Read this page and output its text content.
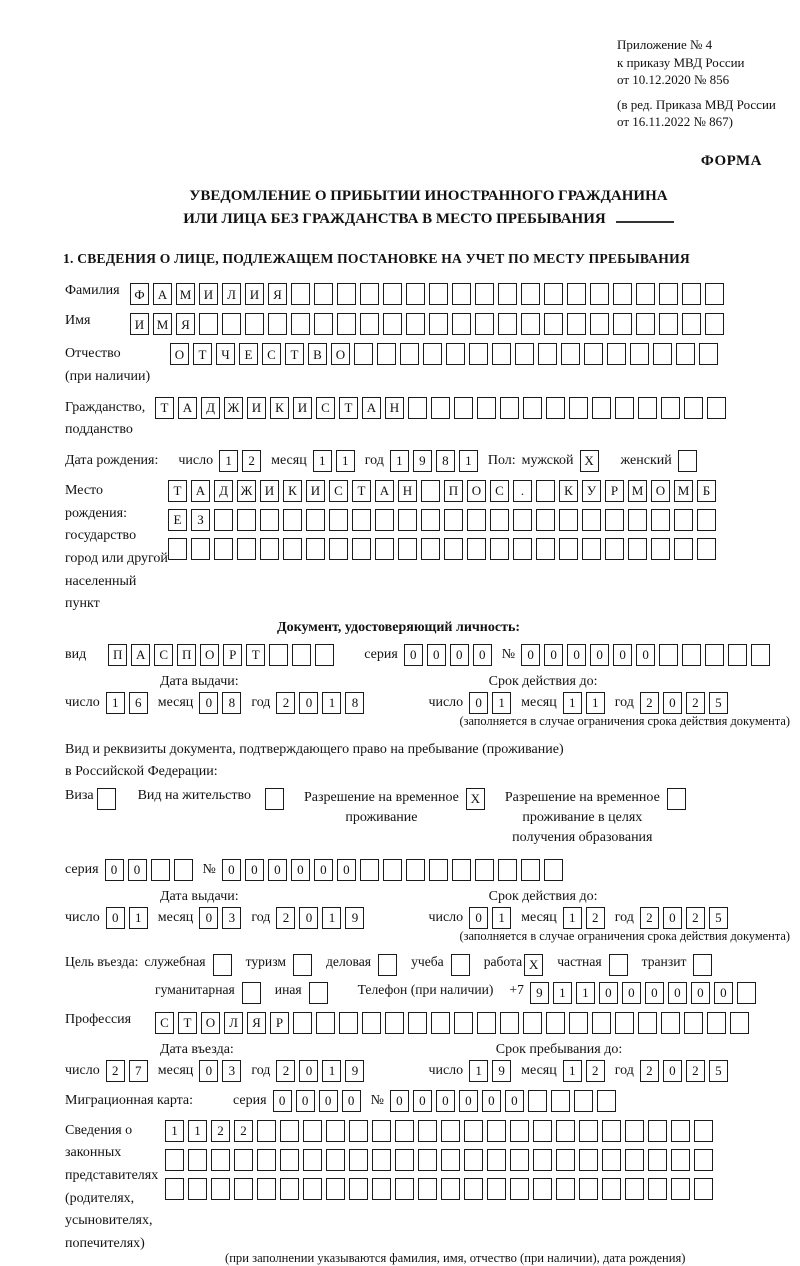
Приложение № 4
к приказу МВД России
от 10.12.2020 № 856
(в ред. Приказа МВД России
от 16.11.2022 № 867)
ФОРМА
УВЕДОМЛЕНИЕ О ПРИБЫТИИ ИНОСТРАННОГО ГРАЖДАНИНА
ИЛИ ЛИЦА БЕЗ ГРАЖДАНСТВА В МЕСТО ПРЕБЫВАНИЯ
1. СВЕДЕНИЯ О ЛИЦЕ, ПОДЛЕЖАЩЕМ ПОСТАНОВКЕ НА УЧЕТ ПО МЕСТУ ПРЕБЫВАНИЯ
Фамилия	Ф	А М И	Л	И	Я
Имя	И М Я
Отчество
(при наличии)
О	Т	Ч	Е	С	Т	В	О
Гражданство,
подданство
Т	А	Д Ж И	К	И	С	Т	А	Н
Дата рождения: число 1	2	месяц 1	1	год 1	9	8	1	Пол: мужской X	женский
Место рождения:
государство
город или другой
населенный пункт
Т	А	Д Ж И	К	И	С	Т	А	Н	П	О	С	.	К	У	Р	М О М	Б
Е	З
Документ, удостоверяющий личность:
вид	П	А	С	П	О	Р	Т	серия 0	0	0	0	№ 0	0	0	0	0	0
Дата выдачи:	Срок действия до:
число 1	6	месяц 0	8	год 2	0	1	8	число 0	1	месяц 1	1	год 2	0	2	5
(заполняется в случае ограничения срока действия документа)
Вид и реквизиты документа, подтверждающего право на пребывание (проживание)
в Российской Федерации:
Виза	Вид на жительство	Разрешение на временное
проживание
X	Разрешение на временное
проживание в целях
получения образования
серия 0	0	№ 0	0	0	0	0	0
Дата выдачи:	Срок действия до:
число 0	1	месяц 0	3	год 2	0	1	9	число 0	1	месяц 1	2	год 2	0	2	5
(заполняется в случае ограничения срока действия документа)
Цель въезда: служебная	туризм	деловая	учеба	работа X	частная	транзит
гуманитарная	иная	Телефон (при наличии) +7 9	1	1	0	0	0	0	0	0
Профессия	С	Т	О	Л	Я	Р
Дата въезда:	Срок пребывания до:
число 2	7	месяц 0	3	год 2	0	1	9	число 1	9	месяц 1	2	год 2	0	2	5
Миграционная карта:	серия 0	0	0	0	№ 0	0	0	0	0	0
Сведения о
законных
представителях
(родителях,
усыновителях,
попечителях)
1	1	2	2
(при заполнении указываются фамилия, имя, отчество (при наличии), дата рождения)
